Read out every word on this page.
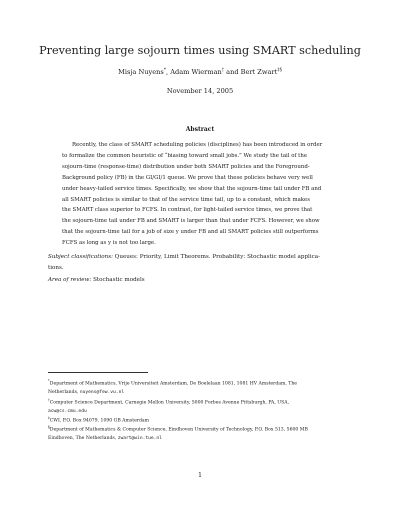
Preventing large sojourn times using SMART scheduling
Misja Nuyens*, Adam Wierman† and Bert Zwart‡§
November 14, 2005
Abstract
Recently, the class of SMART scheduling policies (disciplines) has been introduced in order
to formalize the common heuristic of “biasing toward small jobs.” We study the tail of the
sojourn-time (response-time) distribution under both SMART policies and the Foreground-
Background policy (FB) in the GI/GI/1 queue. We prove that these policies behave very well
under heavy-tailed service times. Specifically, we show that the sojourn-time tail under FB and
all SMART policies is similar to that of the service time tail, up to a constant, which makes
the SMART class superior to FCFS. In contrast, for light-tailed service times, we prove that
the sojourn-time tail under FB and SMART is larger than that under FCFS. However, we show
that the sojourn-time tail for a job of size y under FB and all SMART policies still outperforms
FCFS as long as y is not too large.
Subject classifications: Queues: Priority, Limit Theorems. Probability: Stochastic model applica-
tions.
Area of review: Stochastic models
*Department of Mathematics, Vrije Universiteit Amsterdam, De Boelelaan 1081, 1081 HV Amsterdam, The
Netherlands, nuyens@few.vu.nl
†Computer Science Department, Carnegie Mellon University, 5000 Forbes Avenue Pittsburgh, PA, USA,
acw@cs.cmu.edu
‡CWI, P.O. Box 94079, 1090 GB Amsterdam
§Department of Mathematics & Computer Science, Eindhoven University of Technology, P.O. Box 513, 5600 MB
Eindhoven, The Netherlands, zwart@win.tue.nl
1
